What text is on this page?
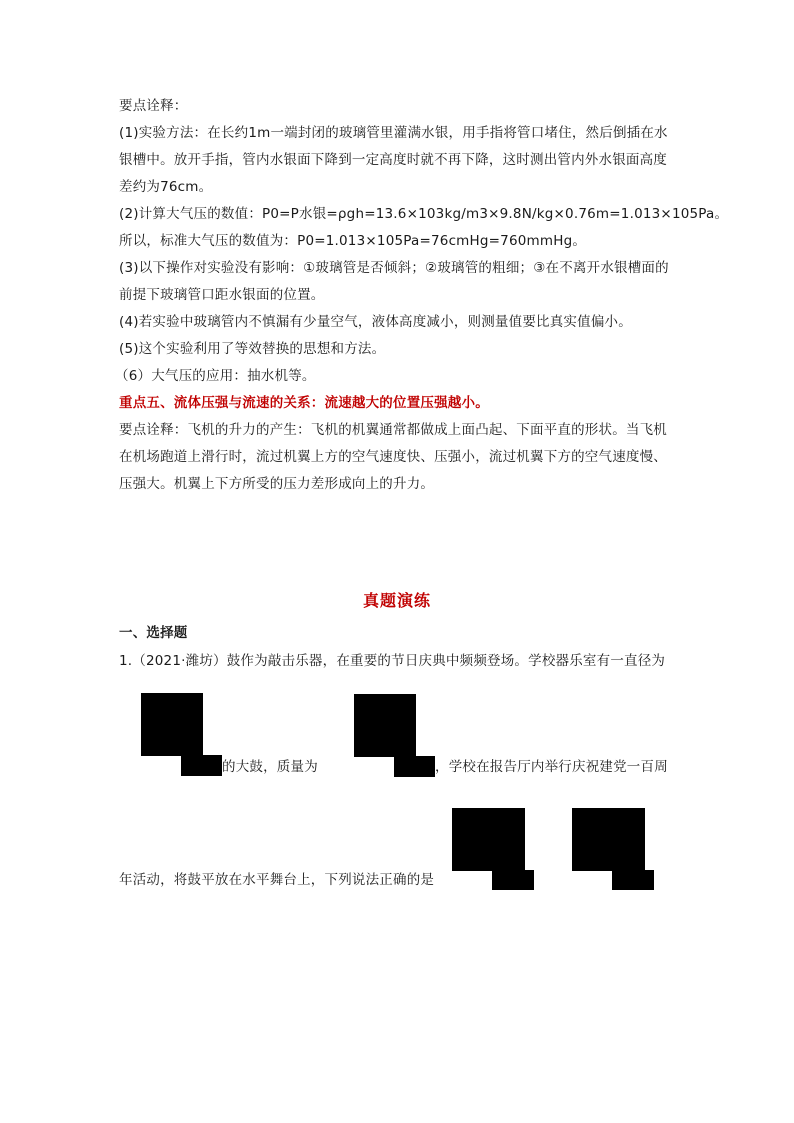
要点诠释：
(1)实验方法：在长约1m一端封闭的玻璃管里灌满水银，用手指将管口堵住，然后倒插在水
银槽中。放开手指，管内水银面下降到一定高度时就不再下降，这时测出管内外水银面高度
差约为76cm。
(2)计算大气压的数值：P0=P水银=ρgh=13.6×103kg/m3×9.8N/kg×0.76m=1.013×105Pa。
所以，标准大气压的数值为：P0=1.013×105Pa=76cmHg=760mmHg。
(3)以下操作对实验没有影响：①玻璃管是否倾斜；②玻璃管的粗细；③在不离开水银槽面的
前提下玻璃管口距水银面的位置。
(4)若实验中玻璃管内不慎漏有少量空气，液体高度减小，则测量值要比真实值偏小。
(5)这个实验利用了等效替换的思想和方法。
（6）大气压的应用：抽水机等。
重点五、流体压强与流速的关系：流速越大的位置压强越小。
要点诠释：飞机的升力的产生：飞机的机翼通常都做成上面凸起、下面平直的形状。当飞机
在机场跑道上滑行时，流过机翼上方的空气速度快、压强小，流过机翼下方的空气速度慢、
压强大。机翼上下方所受的压力差形成向上的升力。
真题演练
一、选择题
1.（2021·潍坊）鼓作为敲击乐器，在重要的节日庆典中频频登场。学校器乐室有一直径为
的大鼓，质量为	，学校在报告厅内举行庆祝建党一百周
年活动，将鼓平放在水平舞台上，下列说法正确的是
